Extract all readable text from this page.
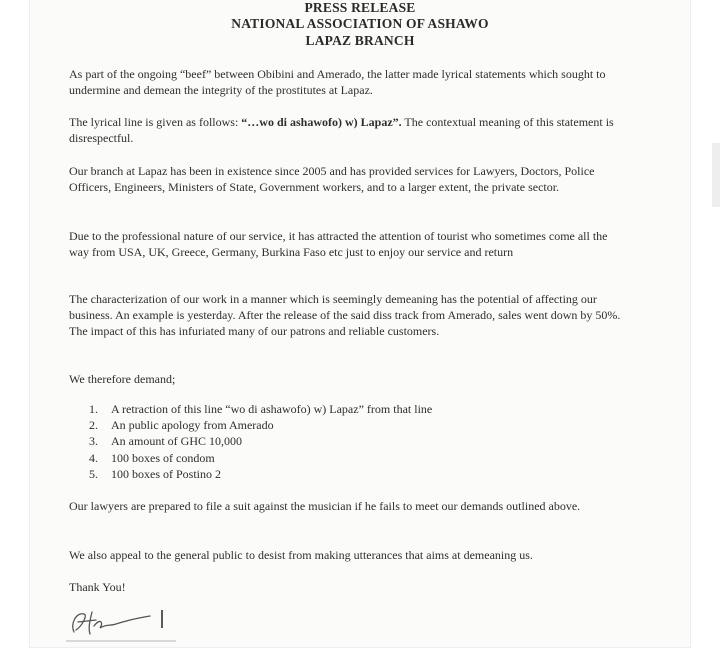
PRESS RELEASE
NATIONAL ASSOCIATION OF ASHAWO
LAPAZ BRANCH
As part of the ongoing “beef” between Obibini and Amerado, the latter made lyrical statements which sought to undermine and demean the integrity of the prostitutes at Lapaz.
The lyrical line is given as follows: “…wo di ashawofo) w) Lapaz”. The contextual meaning of this statement is disrespectful.
Our branch at Lapaz has been in existence since 2005 and has provided services for Lawyers, Doctors, Police Officers, Engineers, Ministers of State, Government workers, and to a larger extent, the private sector.
Due to the professional nature of our service, it has attracted the attention of tourist who sometimes come all the way from USA, UK, Greece, Germany, Burkina Faso etc just to enjoy our service and return
The characterization of our work in a manner which is seemingly demeaning has the potential of affecting our business. An example is yesterday. After the release of the said diss track from Amerado, sales went down by 50%. The impact of this has infuriated many of our patrons and reliable customers.
We therefore demand;
1.	A retraction of this line “wo di ashawofo) w) Lapaz” from that line
2.	An public apology from Amerado
3.	An amount of GHC 10,000
4.	100 boxes of condom
5.	100 boxes of Postino 2
Our lawyers are prepared to file a suit against the musician if he fails to meet our demands outlined above.
We also appeal to the general public to desist from making utterances that aims at demeaning us.
Thank You!
